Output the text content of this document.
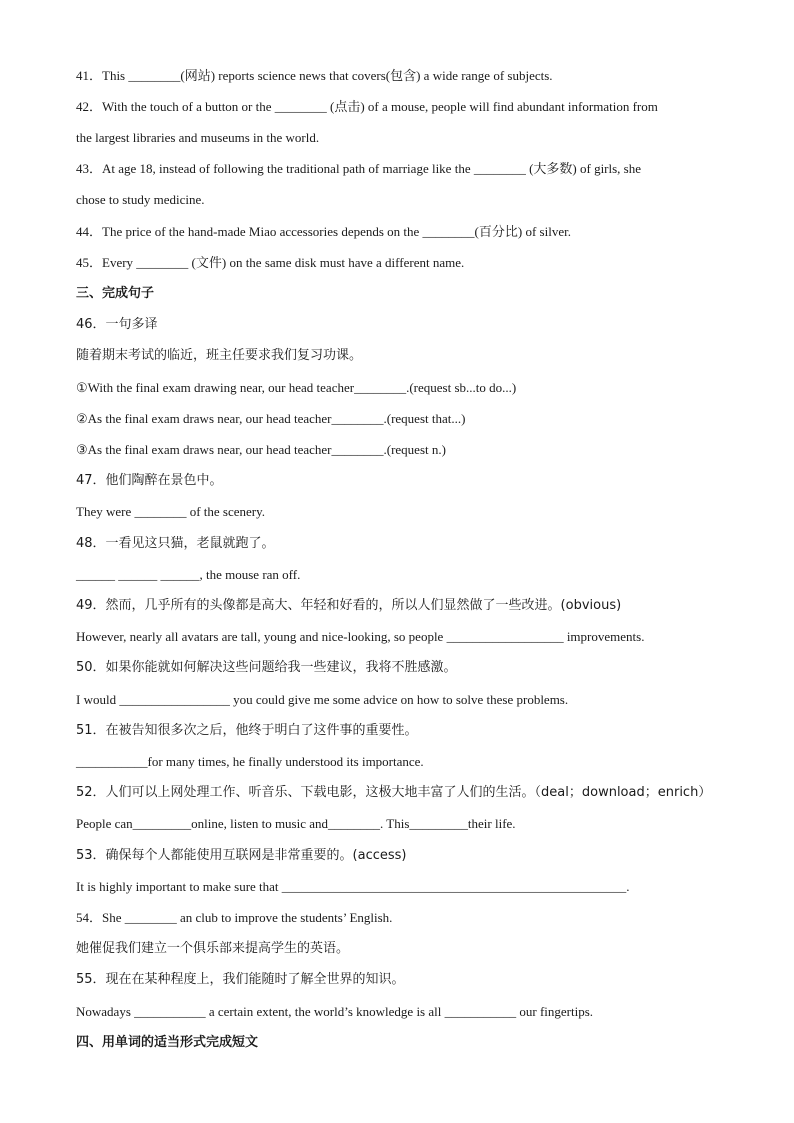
41．This ________(网站) reports science news that covers(包含) a wide range of subjects.
42．With the touch of a button or the ________ (点击) of a mouse, people will find abundant information from
the largest libraries and museums in the world.
43．At age 18, instead of following the traditional path of marriage like the ________ (大多数) of girls, she
chose to study medicine.
44．The price of the hand-made Miao accessories depends on the ________(百分比) of silver.
45．Every ________ (文件) on the same disk must have a different name.
三、完成句子
46．一句多译
随着期末考试的临近，班主任要求我们复习功课。
①With the final exam drawing near, our head teacher________.(request sb...to do...)
②As the final exam draws near, our head teacher________.(request that...)
③As the final exam draws near, our head teacher________.(request n.)
47．他们陶醉在景色中。
They were ________ of the scenery.
48．一看见这只猫，老鼠就跑了。
______ ______ ______, the mouse ran off.
49．然而，几乎所有的头像都是高大、年轻和好看的，所以人们显然做了一些改进。(obvious)
However, nearly all avatars are tall, young and nice-looking, so people __________________ improvements.
50．如果你能就如何解决这些问题给我一些建议，我将不胜感激。
I would _________________ you could give me some advice on how to solve these problems.
51．在被告知很多次之后，他终于明白了这件事的重要性。
___________for many times, he finally understood its importance.
52．人们可以上网处理工作、听音乐、下载电影，这极大地丰富了人们的生活。（deal；download；enrich）
People can_________online, listen to music and________. This_________their life.
53．确保每个人都能使用互联网是非常重要的。(access)
It is highly important to make sure that _____________________________________________________.
54．She ________ an club to improve the students’ English.
她催促我们建立一个俱乐部来提高学生的英语。
55．现在在某种程度上，我们能随时了解全世界的知识。
Nowadays ___________ a certain extent, the world’s knowledge is all ___________ our fingertips.
四、用单词的适当形式完成短文
